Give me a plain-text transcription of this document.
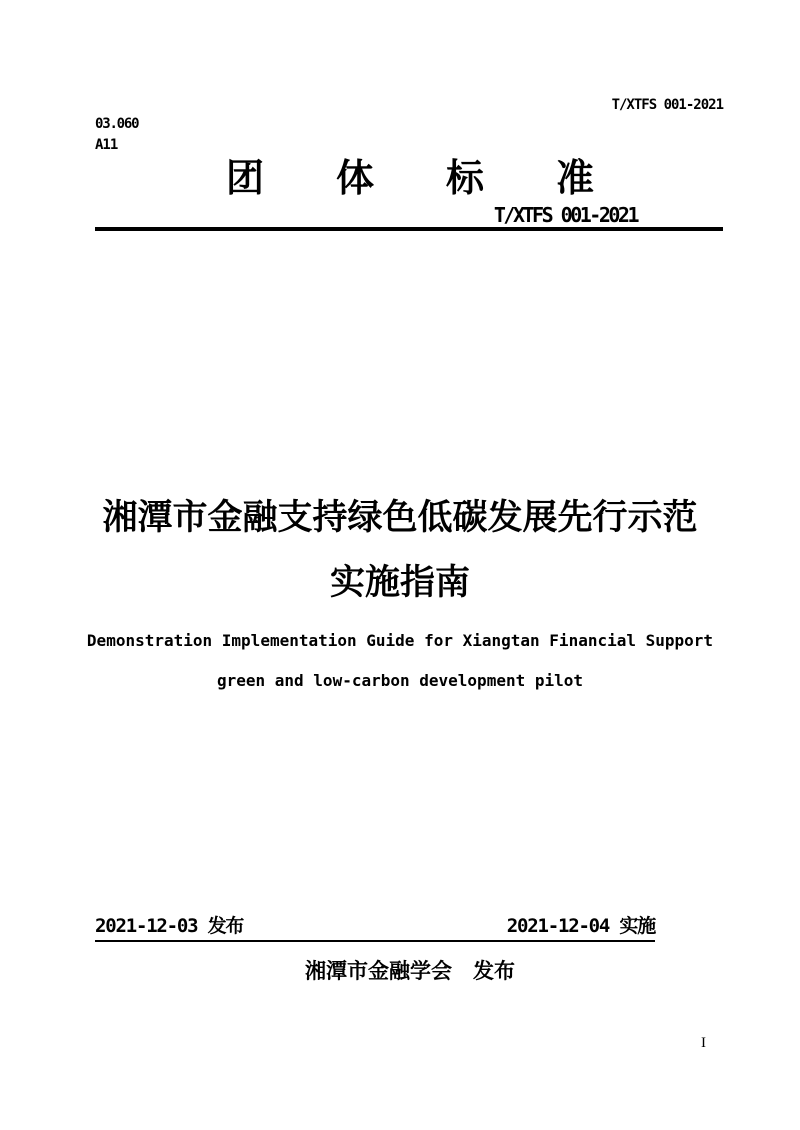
T/XTFS 001-2021
03.060
A11
团 体 标 准
T/XTFS 001-2021
湘潭市金融支持绿色低碳发展先行示范
实施指南
Demonstration Implementation Guide for Xiangtan Financial Support
green and low-carbon development pilot
2021-12-03 发布	2021-12-04 实施
湘潭市金融学会　发布
I
